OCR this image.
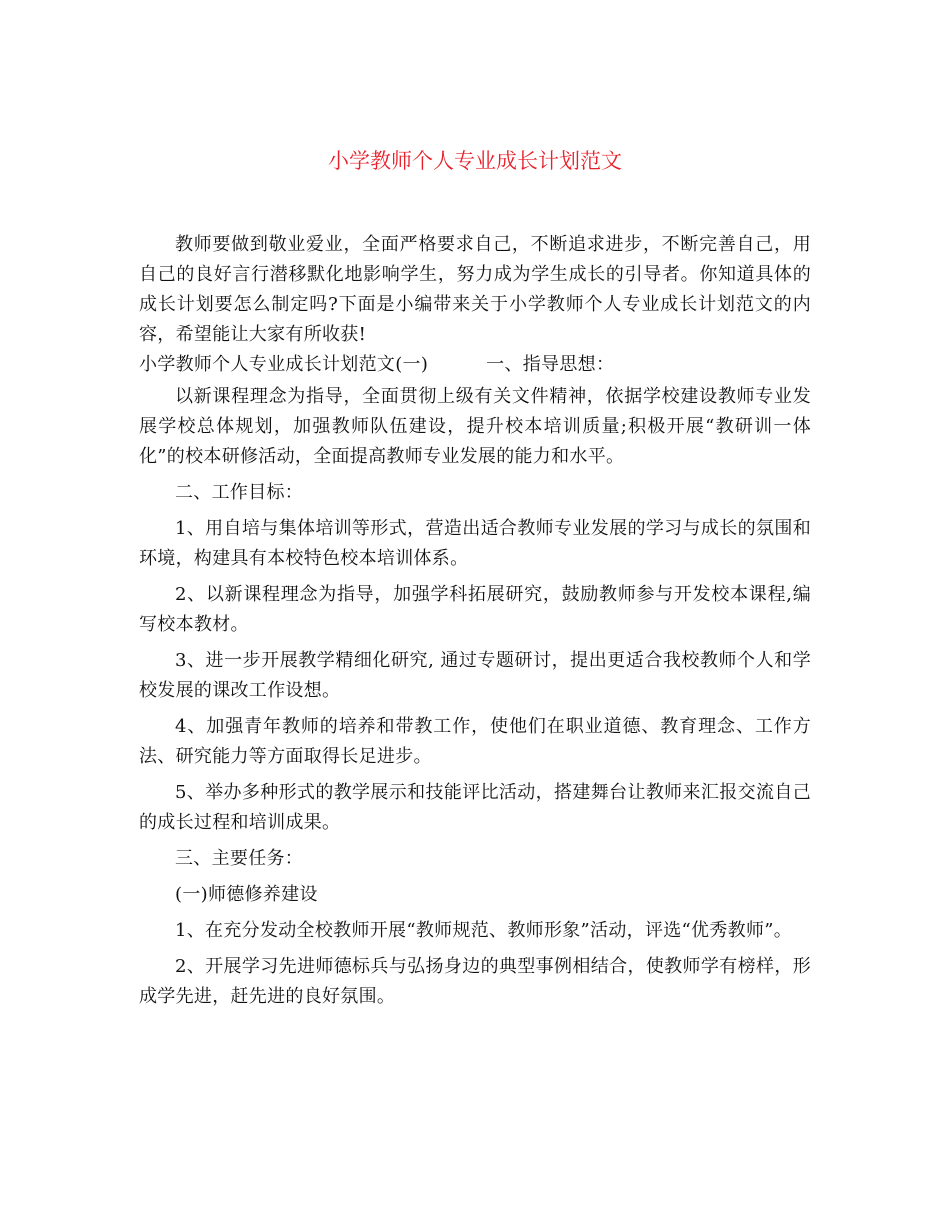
小学教师个人专业成长计划范文

教师要做到敬业爱业，全面严格要求自己，不断追求进步，不断完善自己，用自己的良好言行潜移默化地影响学生，努力成为学生成长的引导者。你知道具体的成长计划要怎么制定吗?下面是小编带来关于小学教师个人专业成长计划范文的内容，希望能让大家有所收获!

小学教师个人专业成长计划范文(一)	一、指导思想：

以新课程理念为指导，全面贯彻上级有关文件精神，依据学校建设教师专业发展学校总体规划，加强教师队伍建设，提升校本培训质量;积极开展“教研训一体化”的校本研修活动，全面提高教师专业发展的能力和水平。

二、工作目标：

1、用自培与集体培训等形式，营造出适合教师专业发展的学习与成长的氛围和环境，构建具有本校特色校本培训体系。

2、以新课程理念为指导，加强学科拓展研究，鼓励教师参与开发校本课程,编写校本教材。

3、进一步开展教学精细化研究, 通过专题研讨，提出更适合我校教师个人和学校发展的课改工作设想。

4、加强青年教师的培养和带教工作，使他们在职业道德、教育理念、工作方法、研究能力等方面取得长足进步。

5、举办多种形式的教学展示和技能评比活动，搭建舞台让教师来汇报交流自己的成长过程和培训成果。

三、主要任务：

(一)师德修养建设

1、在充分发动全校教师开展“教师规范、教师形象”活动，评选“优秀教师”。

2、开展学习先进师德标兵与弘扬身边的典型事例相结合，使教师学有榜样，形成学先进，赶先进的良好氛围。
